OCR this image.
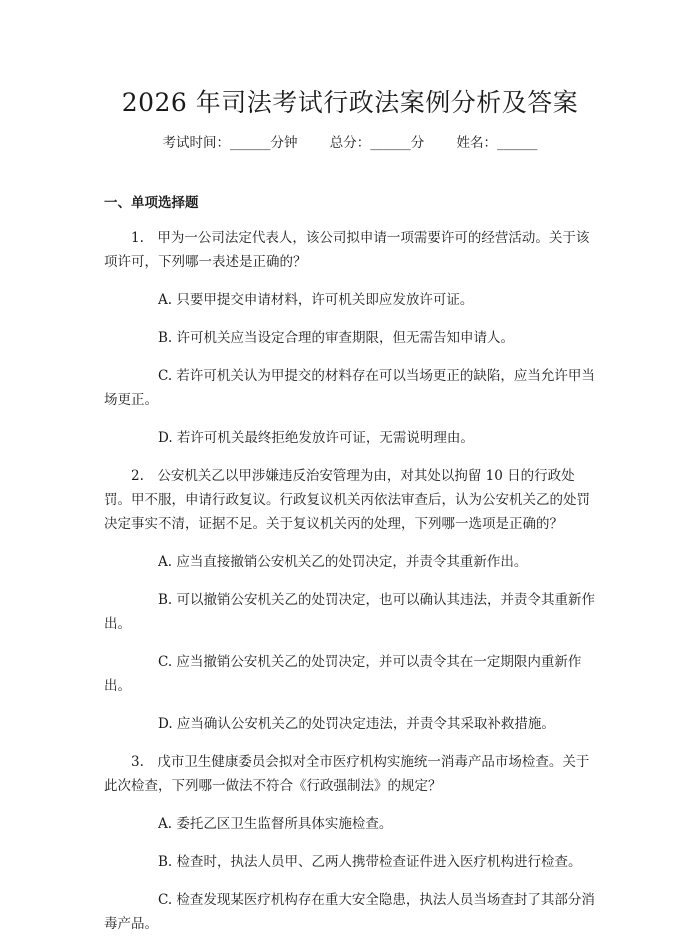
2026 年司法考试行政法案例分析及答案
考试时间：______分钟 总分：______分 姓名：______
一、单项选择题

1.　甲为一公司法定代表人，该公司拟申请一项需要许可的经营活动。关于该项许可，下列哪一表述是正确的？

A. 只要甲提交申请材料，许可机关即应发放许可证。

B. 许可机关应当设定合理的审查期限，但无需告知申请人。

C. 若许可机关认为甲提交的材料存在可以当场更正的缺陷，应当允许甲当场更正。

D. 若许可机关最终拒绝发放许可证，无需说明理由。

2.　公安机关乙以甲涉嫌违反治安管理为由，对其处以拘留 10 日的行政处罚。甲不服，申请行政复议。行政复议机关丙依法审查后，认为公安机关乙的处罚决定事实不清，证据不足。关于复议机关丙的处理，下列哪一选项是正确的？

A. 应当直接撤销公安机关乙的处罚决定，并责令其重新作出。

B. 可以撤销公安机关乙的处罚决定，也可以确认其违法，并责令其重新作出。

C. 应当撤销公安机关乙的处罚决定，并可以责令其在一定期限内重新作出。

D. 应当确认公安机关乙的处罚决定违法，并责令其采取补救措施。

3.　戊市卫生健康委员会拟对全市医疗机构实施统一消毒产品市场检查。关于此次检查，下列哪一做法不符合《行政强制法》的规定？

A. 委托乙区卫生监督所具体实施检查。

B. 检查时，执法人员甲、乙两人携带检查证件进入医疗机构进行检查。

C. 检查发现某医疗机构存在重大安全隐患，执法人员当场查封了其部分消毒产品。
